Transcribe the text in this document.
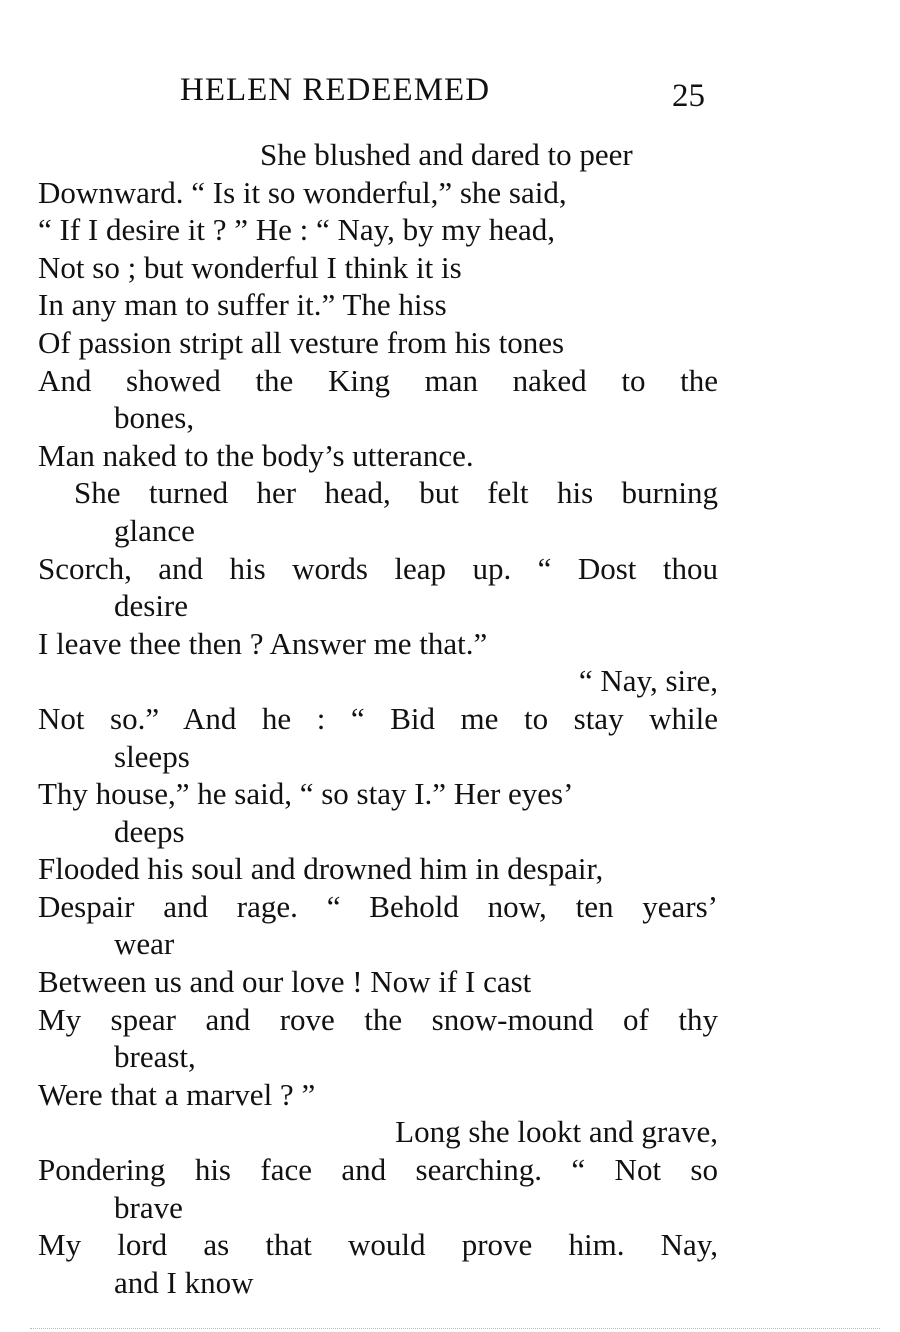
HELEN REDEEMED	25
She blushed and dared to peer
Downward. “ Is it so wonderful,” she said,
“ If I desire it ? ” He : “ Nay, by my head,
Not so ; but wonderful I think it is
In any man to suffer it.” The hiss
Of passion stript all vesture from his tones
And showed the King man naked to the
bones,
Man naked to the body’s utterance.
She turned her head, but felt his burning
glance
Scorch, and his words leap up. “ Dost thou
desire
I leave thee then ? Answer me that.”
“ Nay, sire,
Not so.” And he : “ Bid me to stay while
sleeps
Thy house,” he said, “ so stay I.” Her eyes’
deeps
Flooded his soul and drowned him in despair,
Despair and rage. “ Behold now, ten years’
wear
Between us and our love ! Now if I cast
My spear and rove the snow-mound of thy
breast,
Were that a marvel ? ”
Long she lookt and grave,
Pondering his face and searching. “ Not so
brave
My lord as that would prove him. Nay,
and I know
